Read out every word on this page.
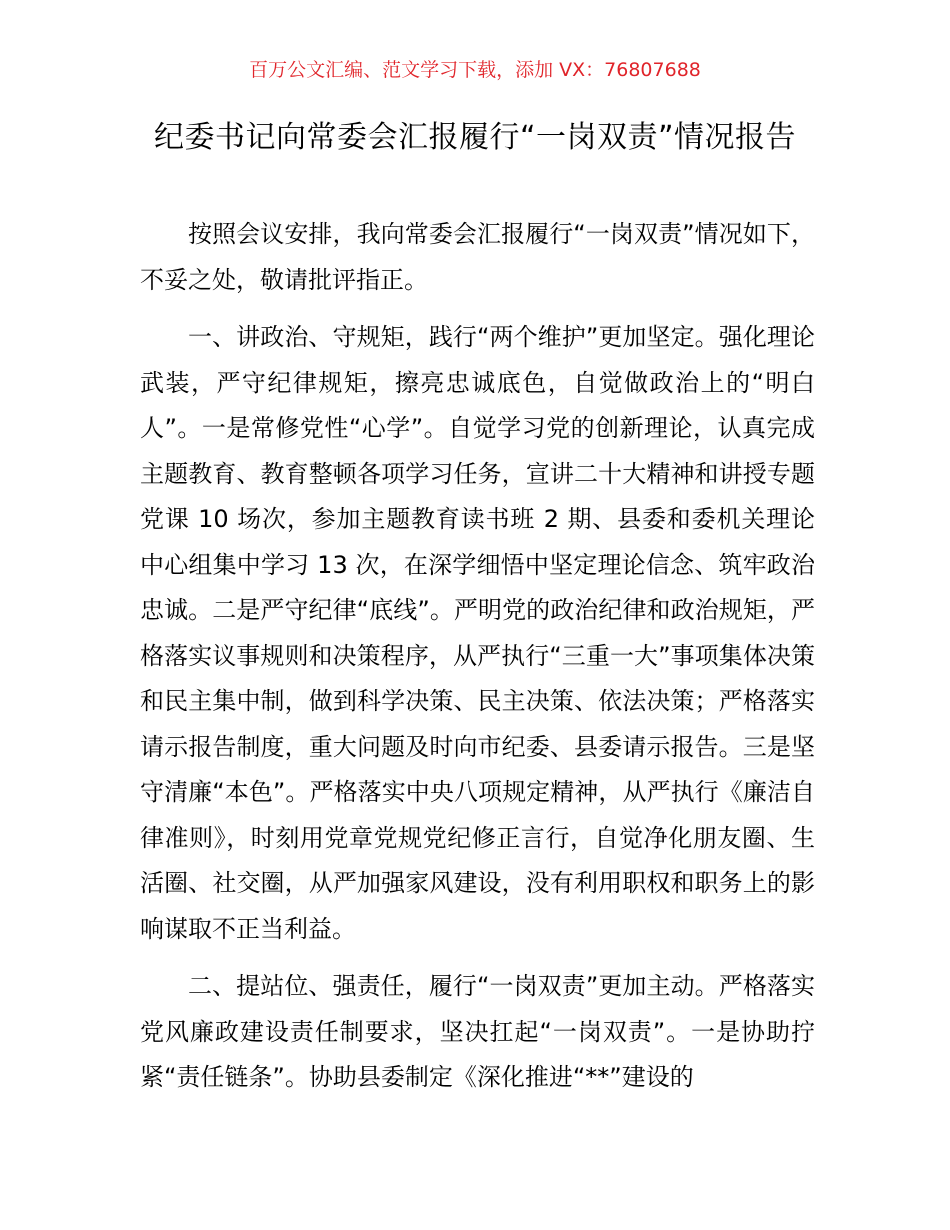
百万公文汇编、范文学习下载，添加 VX：76807688
纪委书记向常委会汇报履行“一岗双责”情况报告

按照会议安排，我向常委会汇报履行“一岗双责”情况如下，不妥之处，敬请批评指正。

一、讲政治、守规矩，践行“两个维护”更加坚定。强化理论武装，严守纪律规矩，擦亮忠诚底色，自觉做政治上的“明白人”。一是常修党性“心学”。自觉学习党的创新理论，认真完成主题教育、教育整顿各项学习任务，宣讲二十大精神和讲授专题党课 10 场次，参加主题教育读书班 2 期、县委和委机关理论中心组集中学习 13 次，在深学细悟中坚定理论信念、筑牢政治忠诚。二是严守纪律“底线”。严明党的政治纪律和政治规矩，严格落实议事规则和决策程序，从严执行“三重一大”事项集体决策和民主集中制，做到科学决策、民主决策、依法决策；严格落实请示报告制度，重大问题及时向市纪委、县委请示报告。三是坚守清廉“本色”。严格落实中央八项规定精神，从严执行《廉洁自律准则》，时刻用党章党规党纪修正言行，自觉净化朋友圈、生活圈、社交圈，从严加强家风建设，没有利用职权和职务上的影响谋取不正当利益。

二、提站位、强责任，履行“一岗双责”更加主动。严格落实党风廉政建设责任制要求，坚决扛起“一岗双责”。一是协助拧紧“责任链条”。协助县委制定《深化推进“**”建设的
